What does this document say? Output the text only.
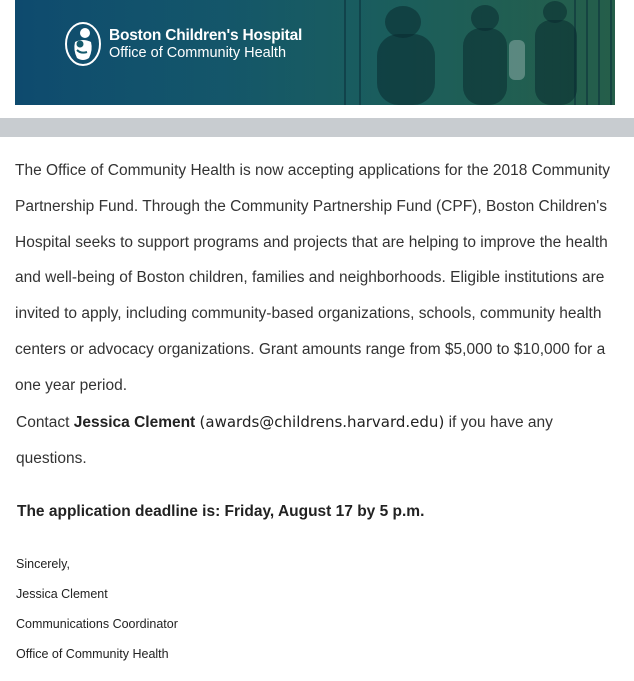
Boston Children's Hospital
Office of Community Health

The Office of Community Health is now accepting applications for the 2018 Community Partnership Fund. Through the Community Partnership Fund (CPF), Boston Children's Hospital seeks to support programs and projects that are helping to improve the health and well-being of Boston children, families and neighborhoods. Eligible institutions are invited to apply, including community-based organizations, schools, community health centers or advocacy organizations. Grant amounts range from $5,000 to $10,000 for a one year period.

Contact Jessica Clement (awards@childrens.harvard.edu) if you have any questions.

The application deadline is: Friday, August 17 by 5 p.m.

Sincerely,
Jessica Clement
Communications Coordinator
Office of Community Health
